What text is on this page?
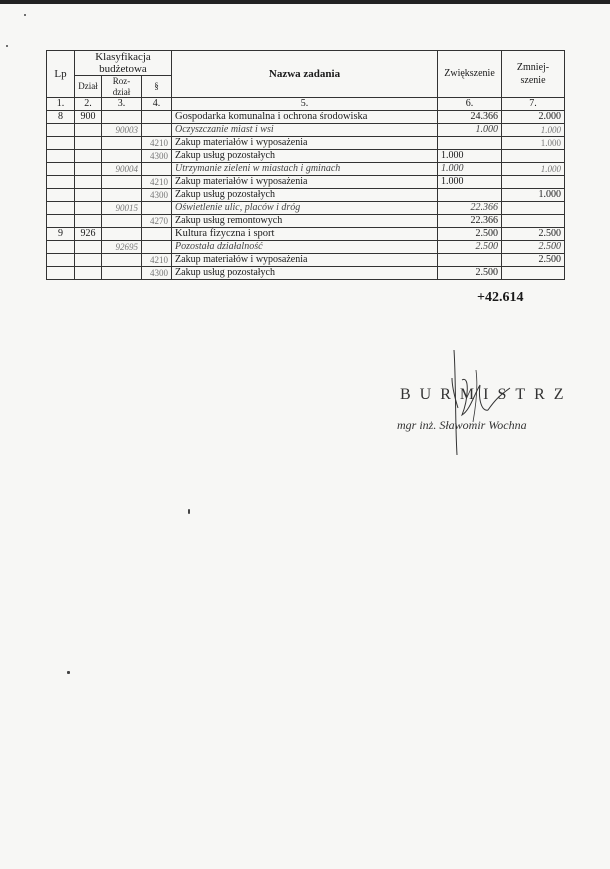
Lp	Klasyfikacja budżetowa			Nazwa zadania	Zwiększenie	Zmniej-szenie
	Dział	Roz-dział	§			
1.	2.	3.	4.	5.	6.	7.
8	900			Gospodarka komunalna i ochrona środowiska	24.366	2.000
		90003		Oczyszczanie miast i wsi	1.000	1.000
			4210	Zakup materiałów i wyposażenia		1.000
			4300	Zakup usług pozostałych	1.000	
		90004		Utrzymanie zieleni w miastach i gminach	1.000	1.000
			4210	Zakup materiałów i wyposażenia	1.000	
			4300	Zakup usług pozostałych		1.000
		90015		Oświetlenie ulic, placów i dróg	22.366	
			4270	Zakup usług remontowych	22.366	
9	926			Kultura fizyczna i sport	2.500	2.500
		92695		Pozostała działalność	2.500	2.500
			4210	Zakup materiałów i wyposażenia		2.500
			4300	Zakup usług pozostałych	2.500	
+42.614
BURMISTRZ
mgr inż. Sławomir Wochna
